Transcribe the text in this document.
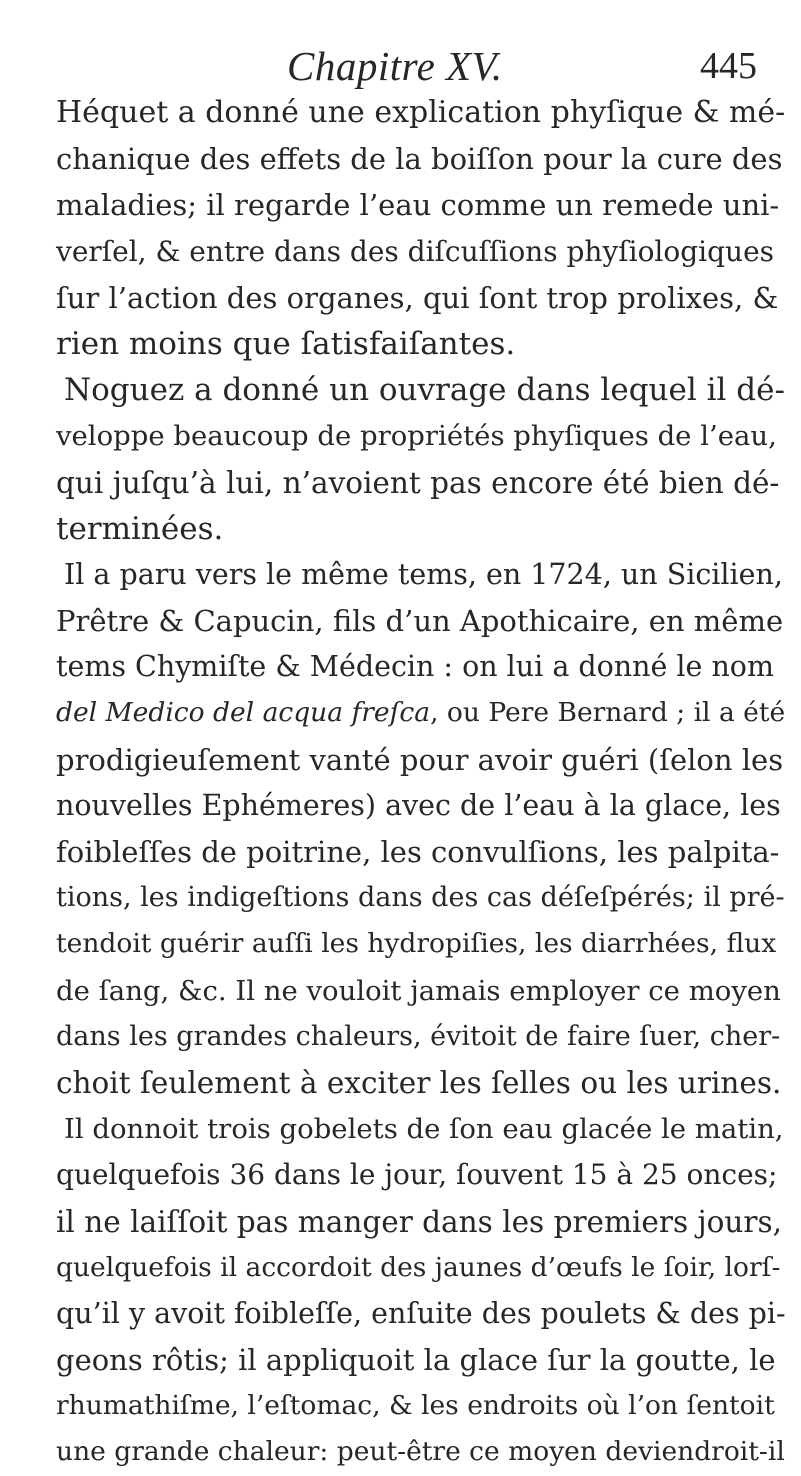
Chapitre XV.	445
Héquet a donné une explication phyſique & mé-
chanique des effets de la boiſſon pour la cure des
maladies; il regarde l’eau comme un remede uni-
verſel, & entre dans des diſcuſſions phyſiologiques
ſur l’action des organes, qui ſont trop prolixes, &
rien moins que ſatisfaiſantes.
Noguez a donné un ouvrage dans lequel il dé-
veloppe beaucoup de propriétés phyſiques de l’eau,
qui juſqu’à lui, n’avoient pas encore été bien dé-
terminées.
Il a paru vers le même tems, en 1724, un Sicilien,
Prêtre & Capucin, fils d’un Apothicaire, en même
tems Chymiſte & Médecin : on lui a donné le nom
del Medico del acqua freſca, ou Pere Bernard ; il a été
prodigieuſement vanté pour avoir guéri (ſelon les
nouvelles Ephémeres) avec de l’eau à la glace, les
foibleſſes de poitrine, les convulſions, les palpita-
tions, les indigeſtions dans des cas déſeſpérés; il pré-
tendoit guérir auſſi les hydropiſies, les diarrhées, flux
de ſang, &c. Il ne vouloit jamais employer ce moyen
dans les grandes chaleurs, évitoit de faire ſuer, cher-
choit ſeulement à exciter les ſelles ou les urines.
Il donnoit trois gobelets de ſon eau glacée le matin,
quelquefois 36 dans le jour, ſouvent 15 à 25 onces;
il ne laiſſoit pas manger dans les premiers jours,
quelquefois il accordoit des jaunes d’œufs le ſoir, lorſ-
qu’il y avoit foibleſſe, enſuite des poulets & des pi-
geons rôtis; il appliquoit la glace ſur la goutte, le
rhumathiſme, l’eſtomac, & les endroits où l’on ſentoit
une grande chaleur: peut-être ce moyen deviendroit-il
